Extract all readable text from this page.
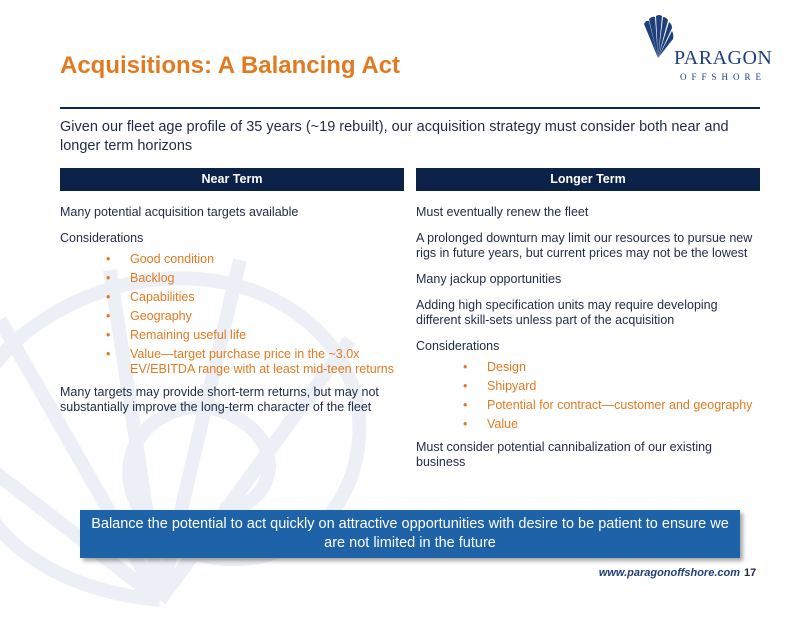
Acquisitions: A Balancing Act	PARAGON
OFFSHORE
Given our fleet age profile of 35 years (~19 rebuilt), our acquisition strategy must consider both near and longer term horizons
Near Term	Longer Term

Many potential acquisition targets available

Considerations

• Good condition
• Backlog
• Capabilities
• Geography
• Remaining useful life
• Value—target purchase price in the ~3.0x EV/EBITDA range with at least mid-teen returns

Many targets may provide short-term returns, but may not substantially improve the long-term character of the fleet

Must eventually renew the fleet

A prolonged downturn may limit our resources to pursue new rigs in future years, but current prices may not be the lowest

Many jackup opportunities

Adding high specification units may require developing different skill-sets unless part of the acquisition

Considerations

• Design
• Shipyard
• Potential for contract—customer and geography
• Value

Must consider potential cannibalization of our existing business

Balance the potential to act quickly on attractive opportunities with desire to be patient to ensure we are not limited in the future
www.paragonoffshore.com 17
